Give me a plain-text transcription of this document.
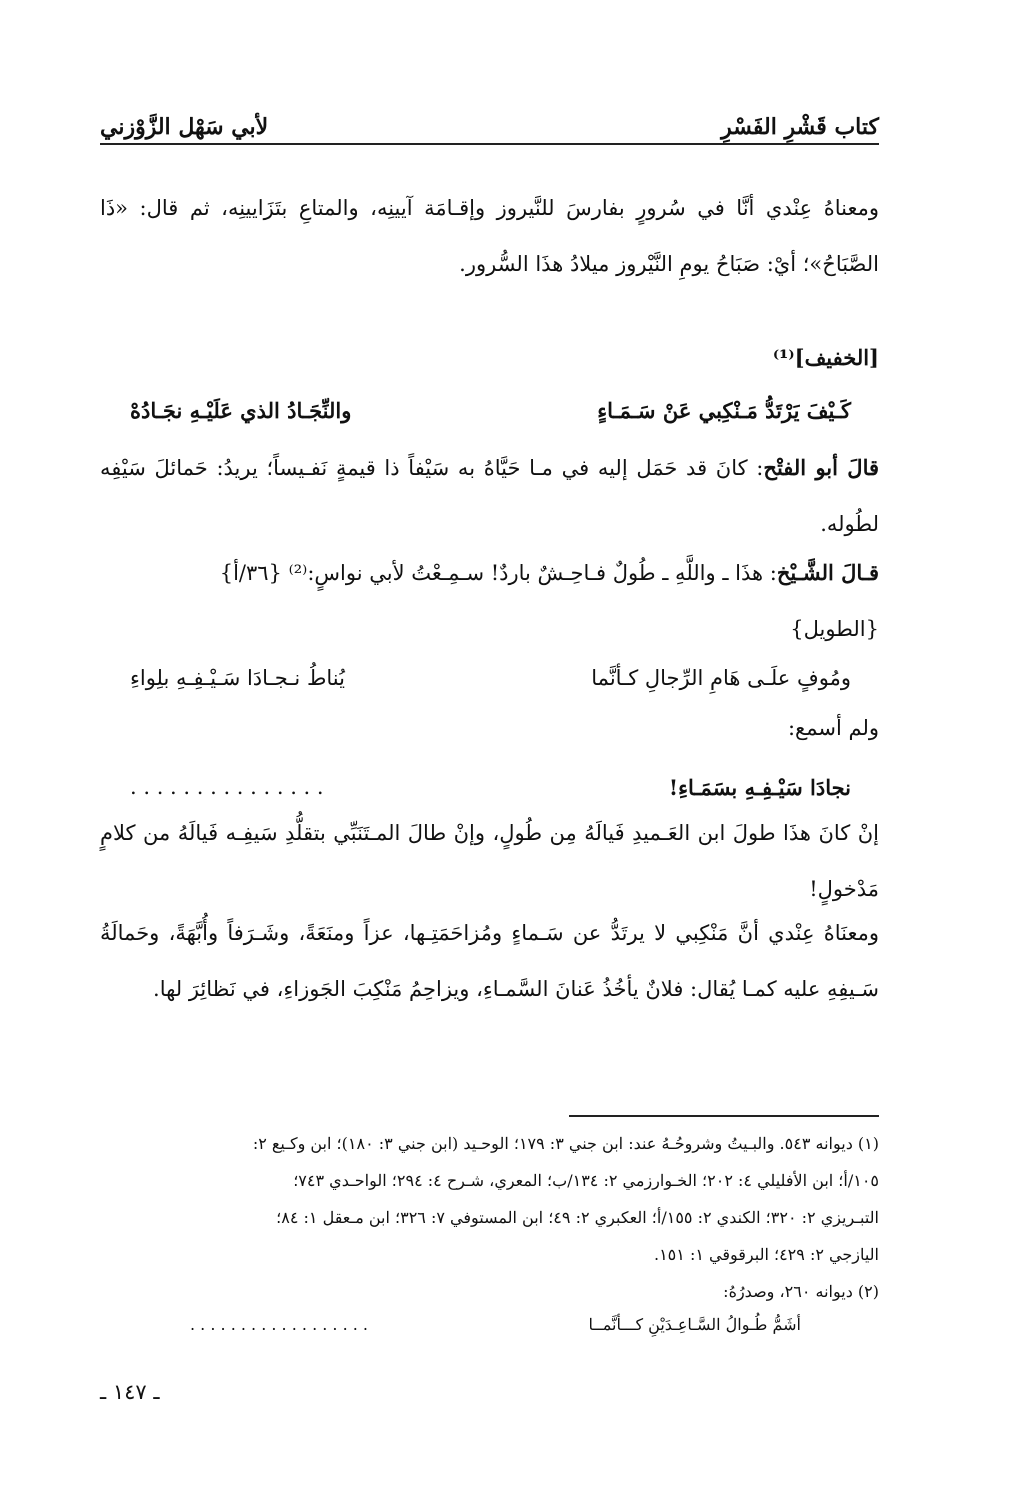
كتاب قَشْرِ الفَسْرِ
لأبي سَهْل الزَّوْزني

ومعناهُ عِنْدي أنَّا في سُرورٍ بفارسَ للنَّيروز وإقـامَة آيينِه، والمتاعِ بتَزَايينِه، ثم قال: «ذَا الصَّبَاحُ»؛ أيْ: صَبَاحُ يومِ النَّيْروز ميلادُ هذَا السُّرور.

[الخفيف]⁽¹⁾
كَـيْفَ يَرْتَدُّ مَـنْكِبي عَنْ سَـمَـاءٍ
والنِّجَـادُ الذي عَلَيْـهِ نجَـادُهْ

قالَ أبو الفتْح: كانَ قد حَمَل إليه في مـا حَيَّاهُ به سَيْفاً ذا قيمةٍ نَفـيساً؛ يريدُ: حَمائلَ سَيْفِه لطُوله.

قـالَ الشَّـيْخ: هذَا ـ واللَّهِ ـ طُولٌ فـاحِـشٌ باردٌ! سـمِـعْتُ لأبي نواسٍ:⁽²⁾ {٣٦/أ}

{الطويل}

ومُوفٍ علَـى هَامِ الرِّجالِ كـأنَّما
يُناطُ نـجـادَا سَـيْـفِـهِ بلِواءِ

ولم أسمع:

نجادَا سَيْـفِـهِ بسَمَـاءِ!
. . . . . . . . . . . . . . .

إنْ كانَ هذَا طولَ ابن العَـميدِ فَيالَهُ مِن طُولٍ، وإنْ طالَ المـتَنَبِّي بتقلُّدِ سَيفِـه فَيالَهُ من كلامٍ مَدْخولٍ!

ومعنَاهُ عِنْدي أنَّ مَنْكِبي لا يرتَدُّ عن سَـماءٍ ومُزاحَمَتِـها، عزاً ومنَعَةً، وشَـرَفاً وأُبَّهَةً، وحَمالَةُ سَـيفِهِ عليه كمـا يُقال: فلانٌ يأخُذُ عَنانَ السَّمـاءِ، ويزاحِمُ مَنْكِبَ الجَوزاءِ، في نَظائِرَ لها.

(١) ديوانه ٥٤٣. والبـيتُ وشروحُـهُ عند: ابن جني ٣: ١٧٩؛ الوحـيد (ابن جني ٣: ١٨٠)؛ ابن وكـيع ٢:
١٠٥/أ؛ ابن الأفليلي ٤: ٢٠٢؛ الخـوارزمي ٢: ١٣٤/ب؛ المعري، شـرح ٤: ٢٩٤؛ الواحـدي ٧٤٣؛
التبـريزي ٢: ٣٢٠؛ الكندي ٢: ١٥٥/أ؛ العكبري ٢: ٤٩؛ ابن المستوفي ٧: ٣٢٦؛ ابن مـعقل ١: ٨٤؛
اليازجي ٢: ٤٢٩؛ البرقوقي ١: ١٥١.
(٢) ديوانه ٢٦٠، وصدرُهُ:
أشَمُّ طُـوالُ السَّـاعِـدَيْنِ كـــأنَّمــا
. . . . . . . . . . . . . . . . . .
ـ ١٤٧ ـ
